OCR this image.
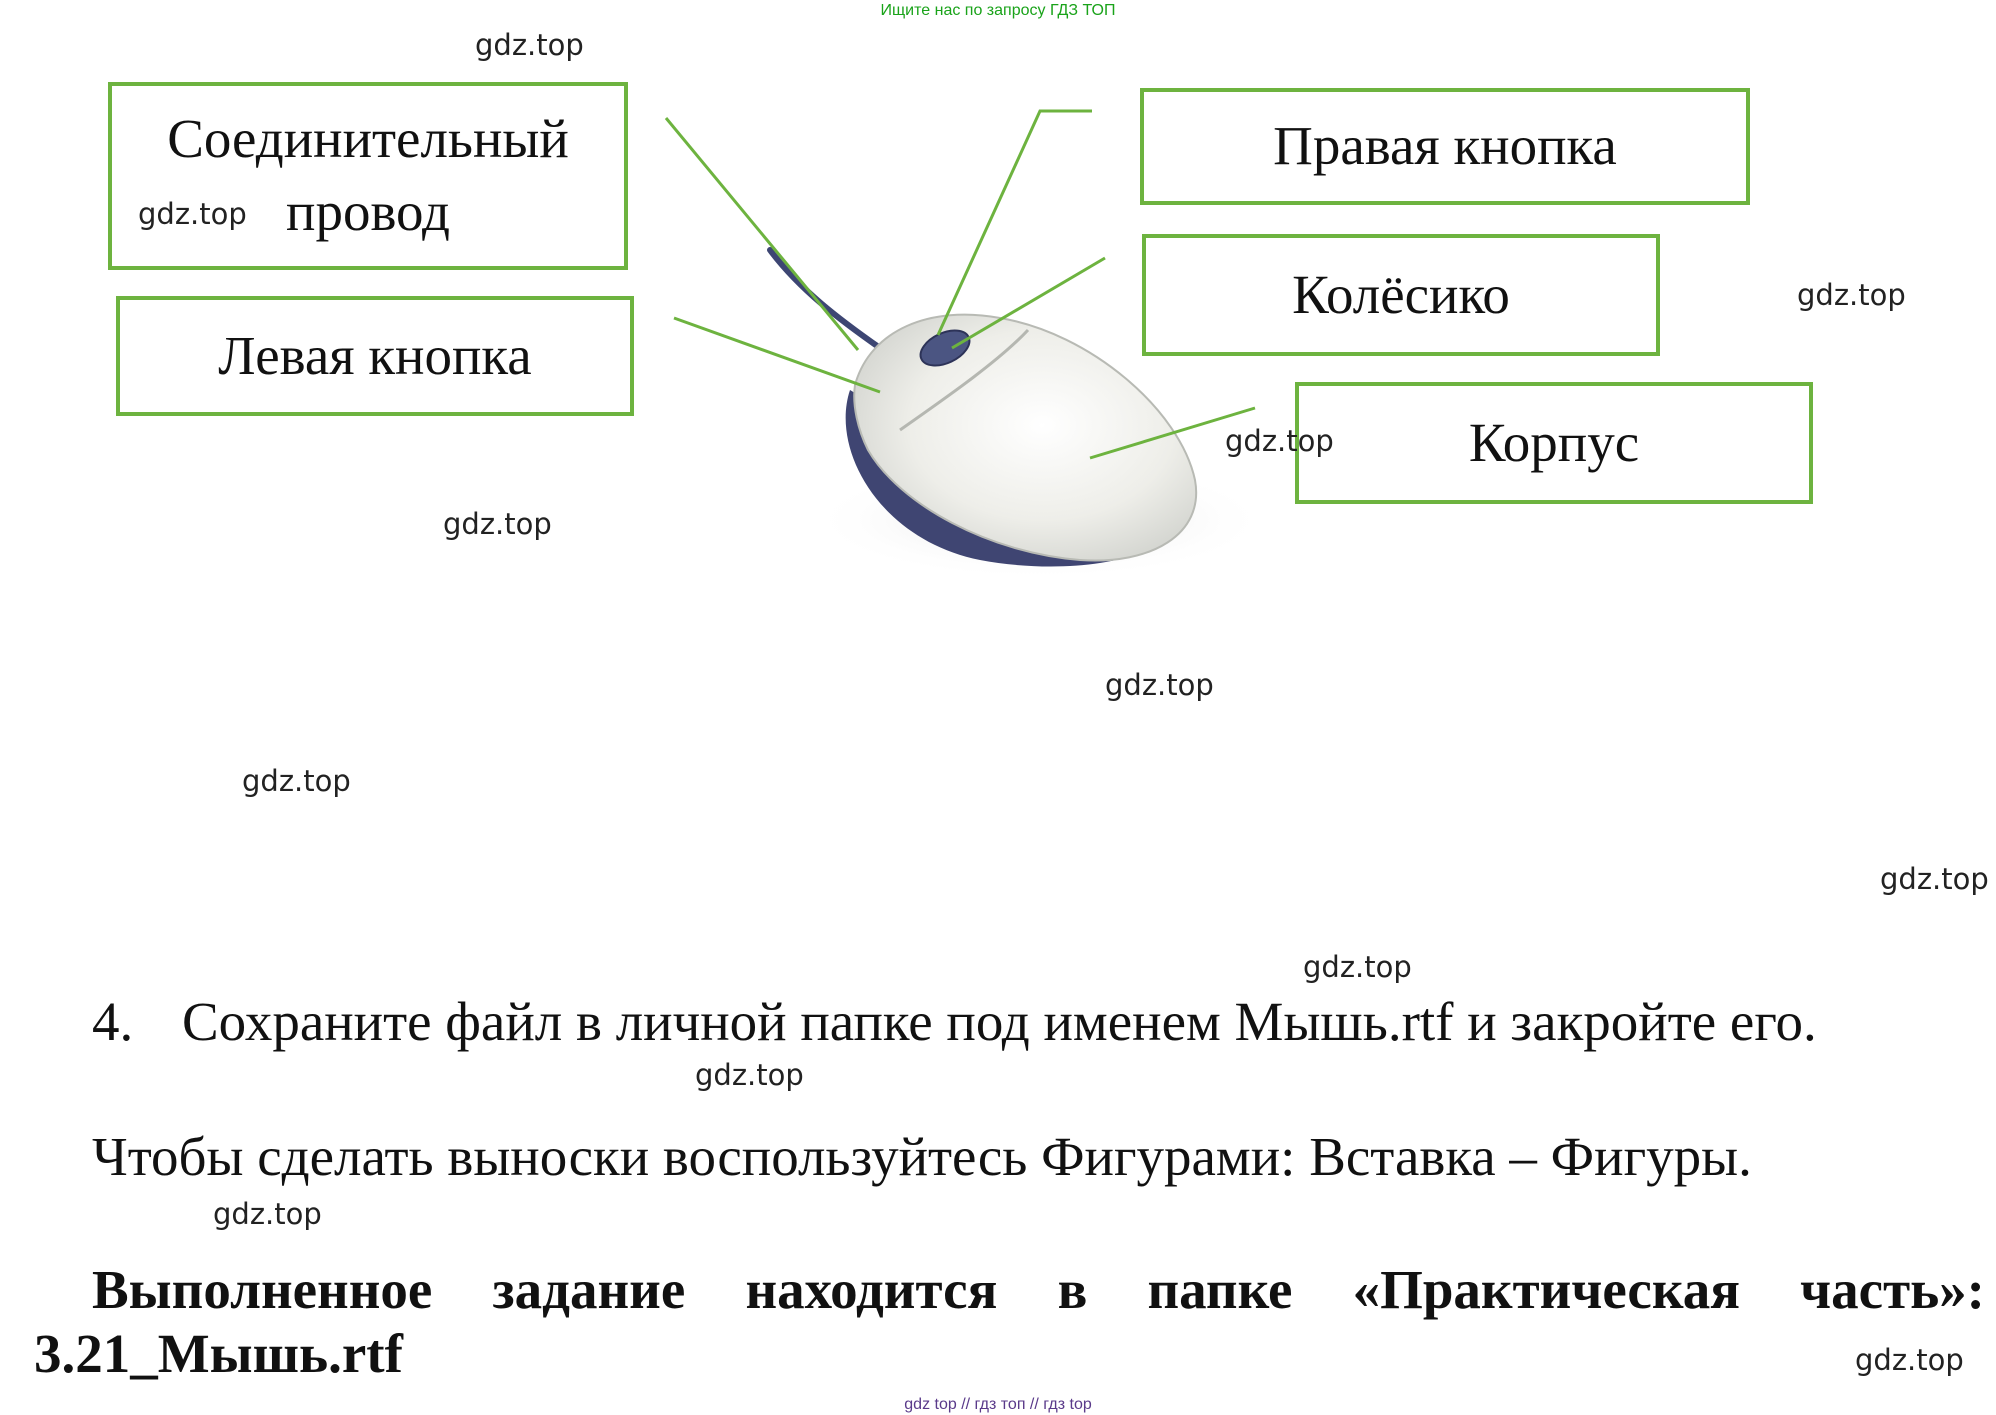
Ищите нас по запросу ГДЗ ТОП
Соединительный провод
Левая кнопка
Правая кнопка
Колёсико
Корпус
gdz.top
gdz.top
gdz.top
gdz.top
gdz.top
gdz.top
gdz.top
gdz.top
gdz.top
gdz.top
gdz.top
gdz.top
4. Сохраните файл в личной папке под именем Мышь.rtf и закройте его.
Чтобы сделать выноски воспользуйтесь Фигурами: Вставка – Фигуры.
Выполненное задание находится в папке «Практическая часть»:
3.21_Мышь.rtf
gdz top // гдз топ // гдз top
